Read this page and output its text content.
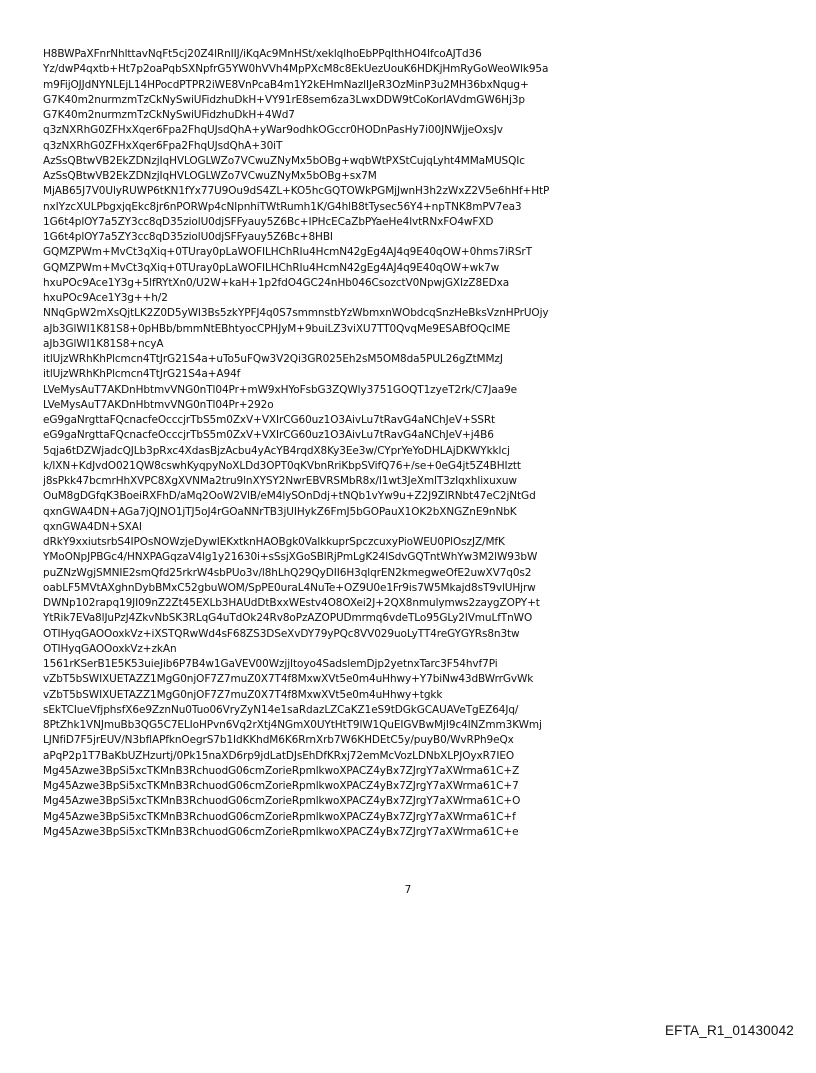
H8BWPaXFnrNhlttavNqFt5cj20Z4lRnIIJ/iKqAc9MnHSt/xeklqlhoEbPPqlthHO4IfcoAJTd36
Yz/dwP4qxtb+Ht7p2oaPqbSXNpfrG5YW0hVVh4MpPXcM8c8EkUezUouK6HDKjHmRyGoWeoWlk95a
m9FijOJJdNYNLEjL14HPocdPTPR2iWE8VnPcaB4m1Y2kEHmNazlIJeR3OzMinP3u2MH36bxNqug+
G7K40m2nurmzmTzCkNySwiUFidzhuDkH+VY91rE8sem6za3LwxDDW9tCoKorIAVdmGW6Hj3p
G7K40m2nurmzmTzCkNySwiUFidzhuDkH+4Wd7
q3zNXRhG0ZFHxXqer6Fpa2FhqUJsdQhA+yWar9odhkOGccr0HODnPasHy7i00JNWjjeOxsJv
q3zNXRhG0ZFHxXqer6Fpa2FhqUJsdQhA+30iT
AzSsQBtwVB2EkZDNzjIqHVLOGLWZo7VCwuZNyMx5bOBg+wqbWtPXStCujqLyht4MMaMUSQIc
AzSsQBtwVB2EkZDNzjIqHVLOGLWZo7VCwuZNyMx5bOBg+sx7M
MjAB65J7V0UlyRUWP6tKN1fYx77U9Ou9dS4ZL+KO5hcGQTOWkPGMjJwnH3h2zWxZ2V5e6hHf+HtP
nxIYzcXULPbgxjqEkc8jr6nPORWp4cNlpnhiTWtRumh1K/G4hlB8tTysec56Y4+npTNK8mPV7ea3
1G6t4plOY7a5ZY3cc8qD35ziolU0djSFFyauy5Z6Bc+IPHcECaZbPYaeHe4lvtRNxFO4wFXD
1G6t4plOY7a5ZY3cc8qD35ziolU0djSFFyauy5Z6Bc+8HBI
GQMZPWm+MvCt3qXiq+0TUray0pLaWOFILHChRIu4HcmN42gEg4AJ4q9E40qOW+0hms7iRSrT
GQMZPWm+MvCt3qXiq+0TUray0pLaWOFILHChRIu4HcmN42gEg4AJ4q9E40qOW+wk7w
hxuPOc9Ace1Y3g+5lfRYtXn0/U2W+kaH+1p2fdO4GC24nHb046CsozctV0NpwjGXIzZ8EDxa
hxuPOc9Ace1Y3g++h/2
NNqGpW2mXsQjtLK2Z0D5yWI3Bs5zkYPFJ4q0S7smmnstbYzWbmxnWObdcqSnzHeBksVznHPrUOjy
aJb3GlWI1K81S8+0pHBb/bmmNtEBhtyocCPHJyM+9buiLZ3viXU7TT0QvqMe9ESABfOQclME
aJb3GlWI1K81S8+ncyA
itlUjzWRhKhPlcmcn4TtJrG21S4a+uTo5uFQw3V2Qi3GR025Eh2sM5OM8da5PUL26gZtMMzJ
itlUjzWRhKhPlcmcn4TtJrG21S4a+A94f
LVeMysAuT7AKDnHbtmvVNG0nTl04Pr+mW9xHYoFsbG3ZQWly3751GOQT1zyeT2rk/C7Jaa9e
LVeMysAuT7AKDnHbtmvVNG0nTl04Pr+292o
eG9gaNrgttaFQcnacfeOcccjrTbS5m0ZxV+VXIrCG60uz1O3AivLu7tRavG4aNChJeV+SSRt
eG9gaNrgttaFQcnacfeOcccjrTbS5m0ZxV+VXIrCG60uz1O3AivLu7tRavG4aNChJeV+j4B6
5qja6tDZWjadcQJLb3pRxc4XdasBjzAcbu4yAcYB4rqdX8Ky3Ee3w/CYprYeYoDHLAjDKWYkklcj
k/lXN+KdJvdO021QW8cswhKyqpyNoXLDd3OPT0qKVbnRriKbpSVifQ76+/se+0eG4jt5Z4BHIztt
j8sPkk47bcmrHhXVPC8XgXVNMa2tru9lnXYSY2NwrEBVRSMbR8x/I1wt3JeXmlT3zIqxhlixuxuw
OuM8gDGfqK3BoeiRXFhD/aMq2OoW2VlB/eM4lySOnDdj+tNQb1vYw9u+Z2J9ZlRNbt47eC2jNtGd
qxnGWA4DN+AGa7jQJNO1jTJ5oJ4rGOaNNrTB3jUIHykZ6FmJ5bGOPauX1OK2bXNGZnE9nNbK
qxnGWA4DN+SXAI
dRkY9xxiutsrbS4IPOsNOWzjeDywIEKxtknHAOBgk0ValkkuprSpczcuxyPioWEU0PlOszJZ/MfK
YMoONpJPBGc4/HNXPAGqzaV4lg1y21630i+sSsjXGoSBlRjPmLgK24lSdvGQTntWhYw3M2lW93bW
puZNzWgjSMNIE2smQfd25rkrW4sbPUo3v/l8hLhQ29QyDII6H3qlqrEN2kmegweOfE2uwXV7q0s2
oabLF5MVtAXghnDybBMxC52gbuWOM/SpPE0uraL4NuTe+OZ9U0e1Fr9is7W5Mkajd8sT9vlUHjrw
DWNp102rapq19JI09nZ2Zt45EXLb3HAUdDtBxxWEstv4O8OXei2J+2QX8nmulymws2zaygZOPY+t
YtRik7EVa8lJuPzJ4ZkvNbSK3RLqG4uTdOk24Rv8oPzAZOPUDmrmq6vdeTLo95GLy2lVmuLfTnWO
OTIHyqGAOOoxkVz+iXSTQRwWd4sF68ZS3DSeXvDY79yPQc8VV029uoLyTT4reGYGYRs8n3tw
OTIHyqGAOOoxkVz+zkAn
1561rKSerB1E5K53uieJib6P7B4w1GaVEV00WzjjItoyo4SadslemDjp2yetnxTarc3F54hvf7Pi
vZbT5bSWIXUETAZZ1MgG0njOF7Z7muZ0X7T4f8MxwXVt5e0m4uHhwy+Y7biNw43dBWrrGvWk
vZbT5bSWIXUETAZZ1MgG0njOF7Z7muZ0X7T4f8MxwXVt5e0m4uHhwy+tgkk
sEkTCIueVfjphsfX6e9ZznNu0Tuo06VryZyN14e1saRdazLZCaKZ1eS9tDGkGCAUAVeTgEZ64Jq/
8PtZhk1VNJmuBb3QG5C7ELIoHPvn6Vq2rXtj4NGmX0UYtHtT9lW1QuEIGVBwMjI9c4lNZmm3KWmj
LJNfiD7F5jrEUV/N3bflAPfknOegrS7b1IdKKhdM6K6RrnXrb7W6KHDEtC5y/puyB0/WvRPh9eQx
aPqP2p1T7BaKbUZHzurtj/0Pk15naXD6rp9jdLatDJsEhDfKRxj72emMcVozLDNbXLPJOyxR7IEO
Mg45Azwe3BpSi5xcTKMnB3RchuodG06cmZorieRpmlkwoXPACZ4yBx7ZJrgY7aXWrma61C+Z
Mg45Azwe3BpSi5xcTKMnB3RchuodG06cmZorieRpmlkwoXPACZ4yBx7ZJrgY7aXWrma61C+7
Mg45Azwe3BpSi5xcTKMnB3RchuodG06cmZorieRpmlkwoXPACZ4yBx7ZJrgY7aXWrma61C+O
Mg45Azwe3BpSi5xcTKMnB3RchuodG06cmZorieRpmlkwoXPACZ4yBx7ZJrgY7aXWrma61C+f
Mg45Azwe3BpSi5xcTKMnB3RchuodG06cmZorieRpmlkwoXPACZ4yBx7ZJrgY7aXWrma61C+e
7
EFTA_R1_01430042
